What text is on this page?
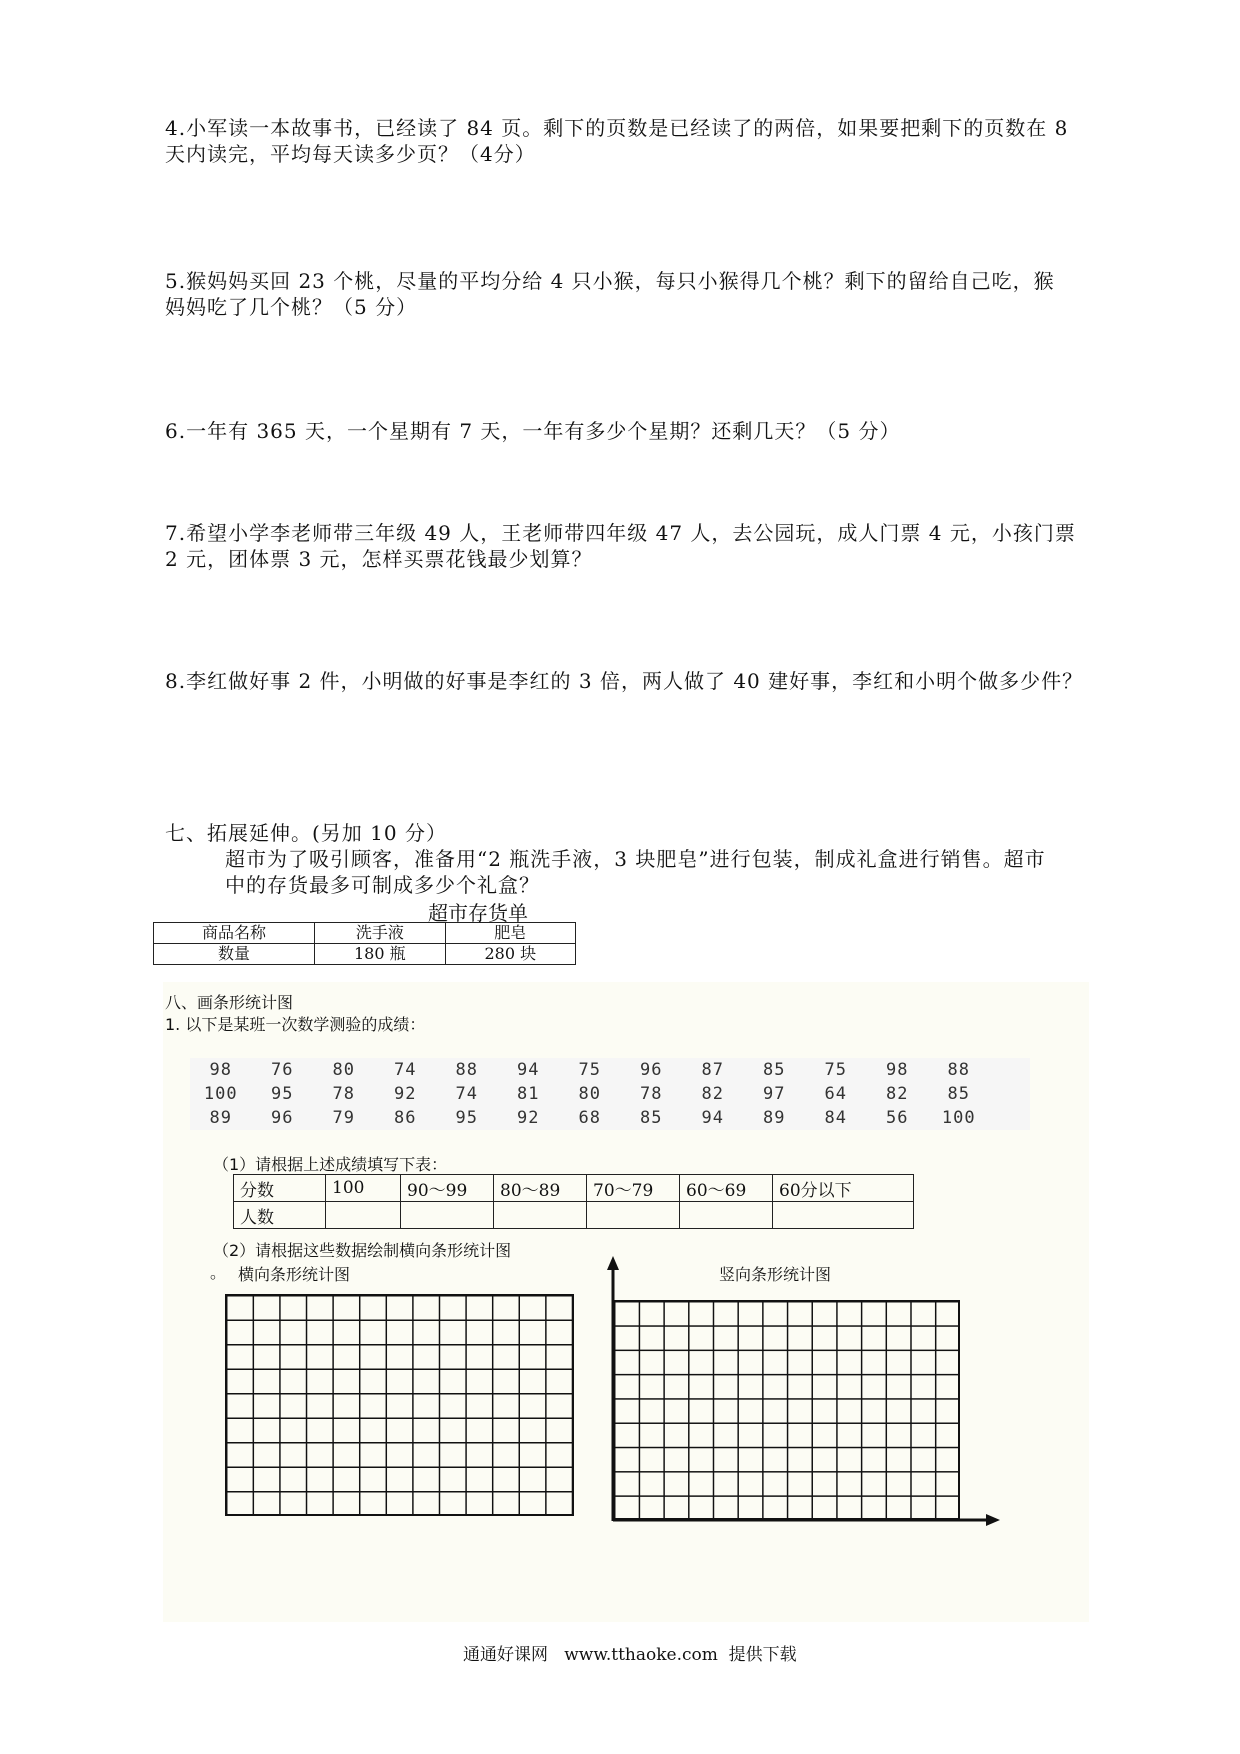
4.小军读一本故事书，已经读了 84 页。剩下的页数是已经读了的两倍，如果要把剩下的页数在 8
天内读完，平均每天读多少页？（4分）
5.猴妈妈买回 23 个桃，尽量的平均分给 4 只小猴，每只小猴得几个桃？剩下的留给自己吃，猴
妈妈吃了几个桃？（5 分）
6.一年有 365 天，一个星期有 7 天，一年有多少个星期？还剩几天？（5 分）
7.希望小学李老师带三年级 49 人，王老师带四年级 47 人，去公园玩，成人门票 4 元，小孩门票
2 元，团体票 3 元，怎样买票花钱最少划算？
8.李红做好事 2 件，小明做的好事是李红的 3 倍，两人做了 40 建好事，李红和小明个做多少件？
七、拓展延伸。(另加 10 分）
超市为了吸引顾客，准备用“2 瓶洗手液，3 块肥皂”进行包装，制成礼盒进行销售。超市
中的存货最多可制成多少个礼盒？
超市存货单
商品名称	洗手液	肥皂
数量	180 瓶	280 块
八、画条形统计图
1. 以下是某班一次数学测验的成绩：
98	76	80	74	88	94	75	96	87	85	75	98	88
100	95	78	92	74	81	80	78	82	97	64	82	85
89	96	79	86	95	92	68	85	94	89	84	56	100
（1）请根据上述成绩填写下表：
分数	100	90～99	80～89	70～79	60～69	60分以下
人数						
（2）请根据这些数据绘制横向条形统计图
。 横向条形统计图	竖向条形统计图
通通好课网   www.tthaoke.com  提供下载
